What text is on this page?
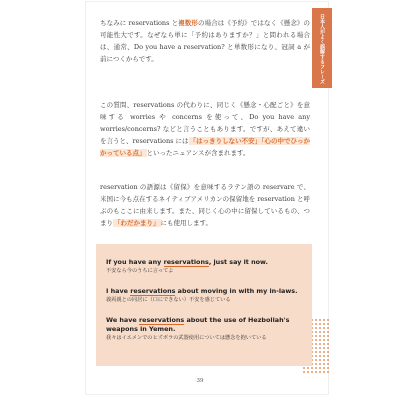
日本人がよく誤解するフレーズ
ちなみに reservations と複数形の場合は《予約》ではなく《懸念》の可能性大です。なぜなら単に「予約はありますか？」と問われる場合は、通常、Do you have a reservation? と単数形になり、冠詞 a が前につくからです。
この質問、reservations の代わりに、同じく《懸念・心配ごと》を意味する worries や concerns を使って、Do you have any worries/concerns? などと言うこともあります。ですが、あえて違いを言うと、reservations には「はっきりしない不安」「心の中でひっかかっている点」といったニュアンスが含まれます。
reservation の語源は《留保》を意味するラテン語の reservare で、米国に今も点在するネイティブアメリカンの保留地を reservation と呼ぶのもここに由来します。また、同じく心の中に留保しているもの、つまり「わだかまり」にも使用します。
If you have any reservations, just say it now.
不安なら今のうちに言ってよ
I have reservations about moving in with my in-laws.
義両親との同居に（口にできない）不安を感じている
We have reservations about the use of Hezbollah's weapons in Yemen.
我々はイエメンでのヒズボラの武器使用については懸念を抱いている
39
